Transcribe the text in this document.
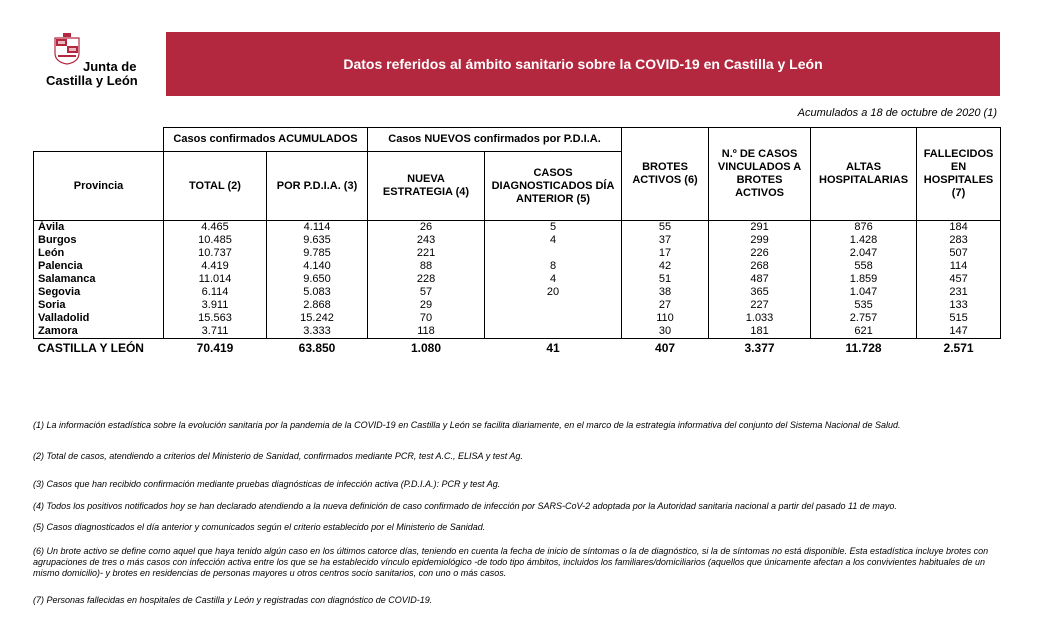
Junta de
Castilla y León
Datos referidos al ámbito sanitario sobre la COVID-19 en Castilla y León
Acumulados a 18 de octubre de 2020 (1)
	Casos confirmados ACUMULADOS		Casos NUEVOS confirmados por P.D.I.A.		BROTES ACTIVOS (6)	N.º DE CASOS VINCULADOS A BROTES ACTIVOS	ALTAS HOSPITALARIAS	FALLECIDOS EN HOSPITALES (7)
Provincia	TOTAL (2)	POR P.D.I.A. (3)	NUEVA ESTRATEGIA (4)	CASOS DIAGNOSTICADOS DÍA ANTERIOR (5)				
Ávila	4.465	4.114	26	5	55	291	876	184
Burgos	10.485	9.635	243	4	37	299	1.428	283
León	10.737	9.785	221		17	226	2.047	507
Palencia	4.419	4.140	88	8	42	268	558	114
Salamanca	11.014	9.650	228	4	51	487	1.859	457
Segovia	6.114	5.083	57	20	38	365	1.047	231
Soria	3.911	2.868	29		27	227	535	133
Valladolid	15.563	15.242	70		110	1.033	2.757	515
Zamora	3.711	3.333	118		30	181	621	147
CASTILLA Y LEÓN	70.419	63.850	1.080	41	407	3.377	11.728	2.571

(1) La información estadística sobre la evolución sanitaria por la pandemia de la COVID-19 en Castilla y León se facilita diariamente, en el marco de la estrategia informativa del conjunto del Sistema Nacional de Salud.

(2) Total de casos, atendiendo a criterios del Ministerio de Sanidad, confirmados mediante PCR, test A.C., ELISA y test Ag.

(3) Casos que han recibido confirmación mediante pruebas diagnósticas de infección activa (P.D.I.A.): PCR y test Ag.

(4) Todos los positivos notificados hoy se han declarado atendiendo a la nueva definición de caso confirmado de infección por SARS-CoV-2 adoptada por la Autoridad sanitaria nacional a partir del pasado 11 de mayo.

(5) Casos diagnosticados el día anterior y comunicados según el criterio establecido por el Ministerio de Sanidad.

(6) Un brote activo se define como aquel que haya tenido algún caso en los últimos catorce días, teniendo en cuenta la fecha de inicio de síntomas o la de diagnóstico, si la de síntomas no está disponible. Esta estadística incluye brotes con agrupaciones de tres o más casos con infección activa entre los que se ha establecido vínculo epidemiológico -de todo tipo ámbitos, incluidos los familiares/domiciliarios (aquellos que únicamente afectan a los convivientes habituales de un mismo domicilio)- y brotes en residencias de personas mayores u otros centros socio sanitarios, con uno o más casos.

(7) Personas fallecidas en hospitales de Castilla y León y registradas con diagnóstico de COVID-19.
